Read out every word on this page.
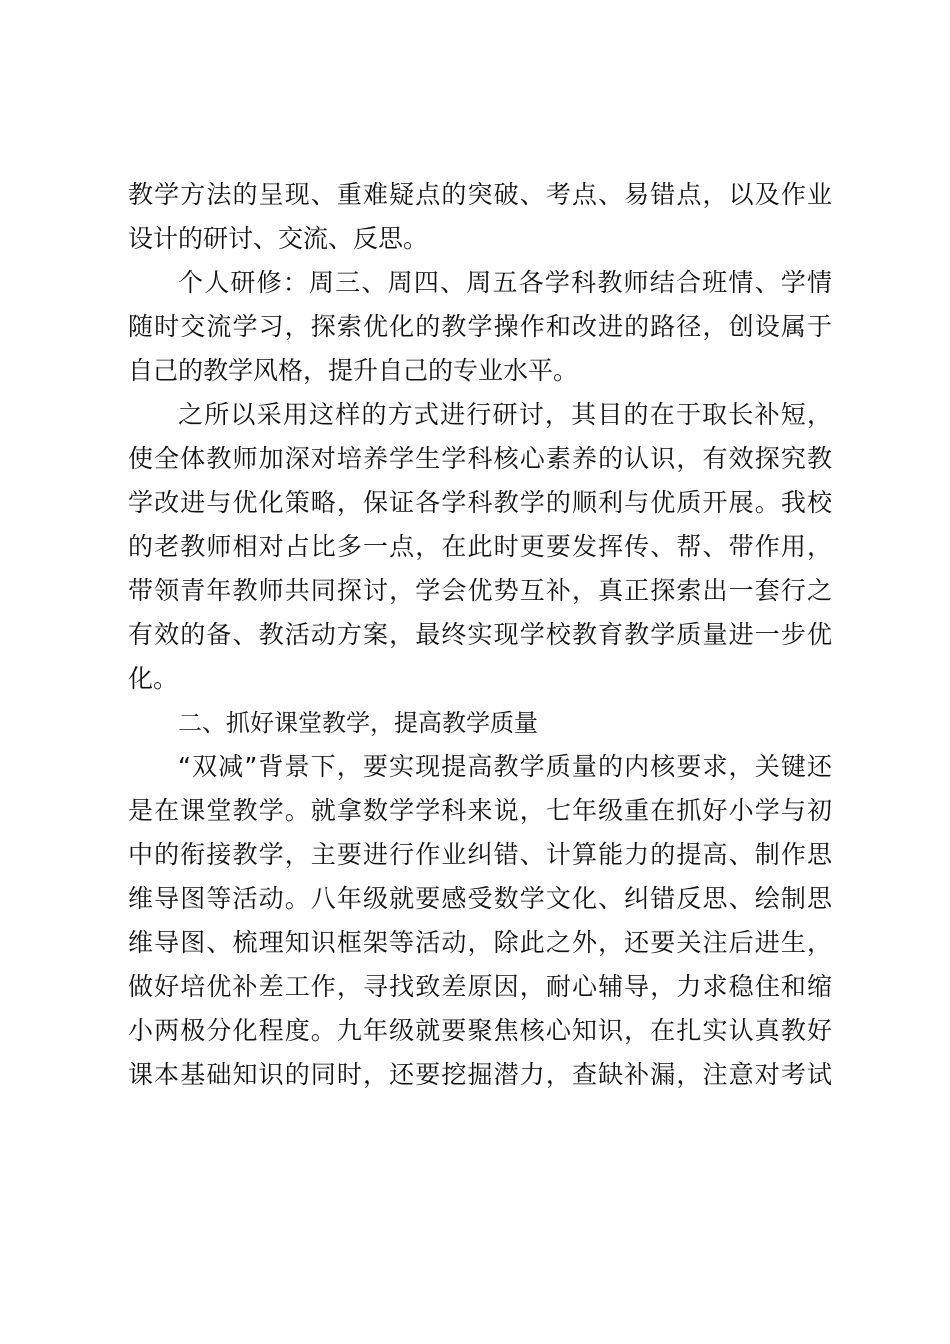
教学方法的呈现、重难疑点的突破、考点、易错点，以及作业
设计的研讨、交流、反思。
个人研修：周三、周四、周五各学科教师结合班情、学情
随时交流学习，探索优化的教学操作和改进的路径，创设属于
自己的教学风格，提升自己的专业水平。
之所以采用这样的方式进行研讨，其目的在于取长补短，
使全体教师加深对培养学生学科核心素养的认识，有效探究教
学改进与优化策略，保证各学科教学的顺利与优质开展。我校
的老教师相对占比多一点，在此时更要发挥传、帮、带作用，
带领青年教师共同探讨，学会优势互补，真正探索出一套行之
有效的备、教活动方案，最终实现学校教育教学质量进一步优
化。
二、抓好课堂教学，提高教学质量
“双减”背景下，要实现提高教学质量的内核要求，关键还
是在课堂教学。就拿数学学科来说，七年级重在抓好小学与初
中的衔接教学，主要进行作业纠错、计算能力的提高、制作思
维导图等活动。八年级就要感受数学文化、纠错反思、绘制思
维导图、梳理知识框架等活动，除此之外，还要关注后进生，
做好培优补差工作，寻找致差原因，耐心辅导，力求稳住和缩
小两极分化程度。九年级就要聚焦核心知识，在扎实认真教好
课本基础知识的同时，还要挖掘潜力，查缺补漏，注意对考试
